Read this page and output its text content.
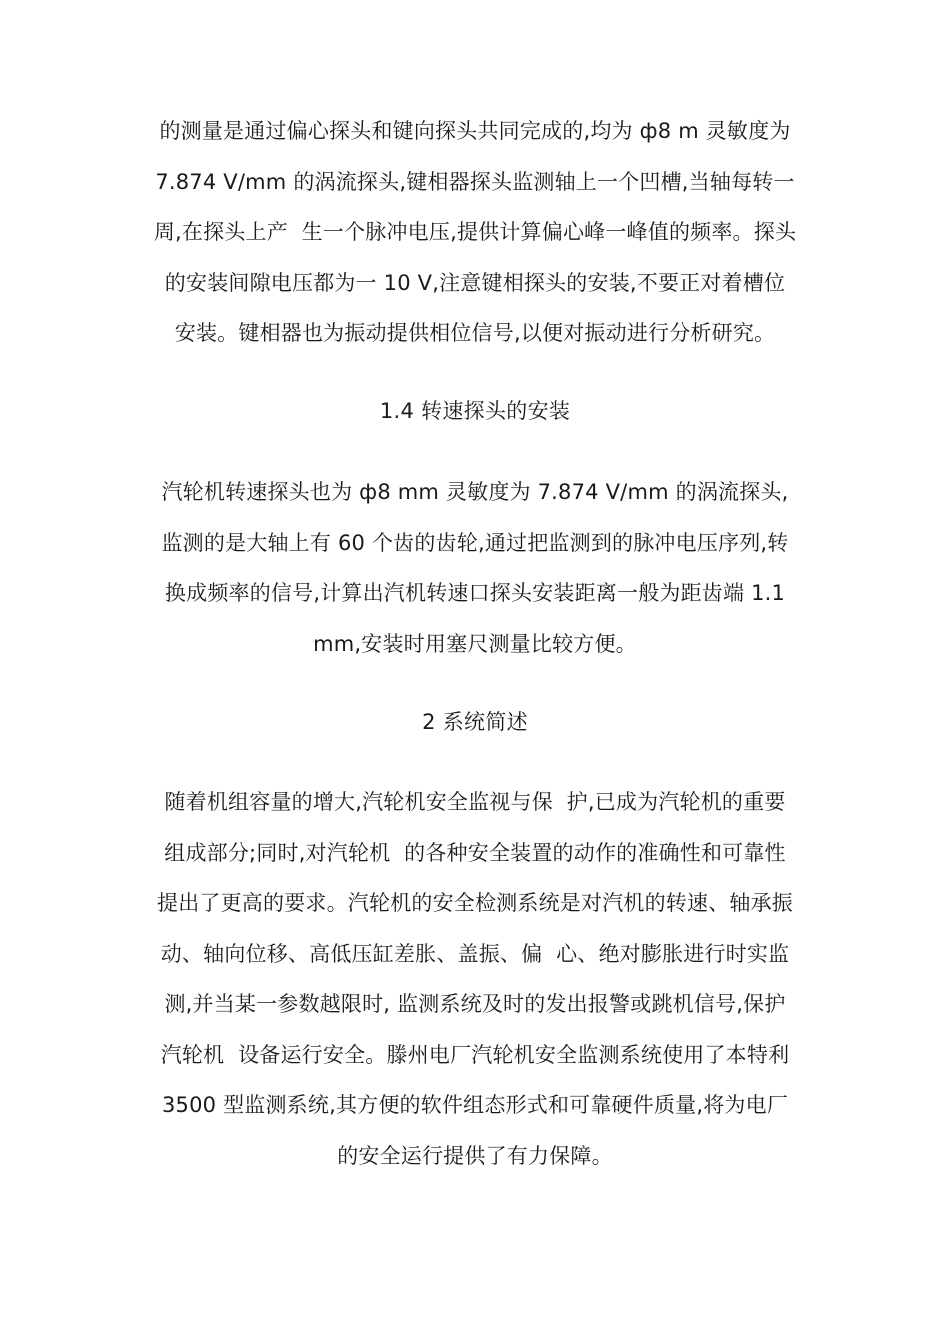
的测量是通过偏心探头和键向探头共同完成的,均为 ф8 m 灵敏度为
7.874 V/mm 的涡流探头,键相器探头监测轴上一个凹槽,当轴每转一
周,在探头上产  生一个脉冲电压,提供计算偏心峰一峰值的频率。探头
的安装间隙电压都为一 10 V,注意键相探头的安装,不要正对着槽位
安装。键相器也为振动提供相位信号,以便对振动进行分析研究。
1.4 转速探头的安装
汽轮机转速探头也为 ф8 mm 灵敏度为 7.874 V/mm 的涡流探头,
监测的是大轴上有 60 个齿的齿轮,通过把监测到的脉冲电压序列,转
换成频率的信号,计算出汽机转速口探头安装距离一般为距齿端 1.1
mm,安装时用塞尺测量比较方便。
2 系统简述
随着机组容量的增大,汽轮机安全监视与保  护,已成为汽轮机的重要
组成部分;同时,对汽轮机  的各种安全装置的动作的准确性和可靠性
提出了更高的要求。汽轮机的安全检测系统是对汽机的转速、轴承振
动、轴向位移、高低压缸差胀、盖振、偏  心、绝对膨胀进行时实监
测,并当某一参数越限时, 监测系统及时的发出报警或跳机信号,保护
汽轮机  设备运行安全。滕州电厂汽轮机安全监测系统使用了本特利
3500 型监测系统,其方便的软件组态形式和可靠硬件质量,将为电厂
的安全运行提供了有力保障。
